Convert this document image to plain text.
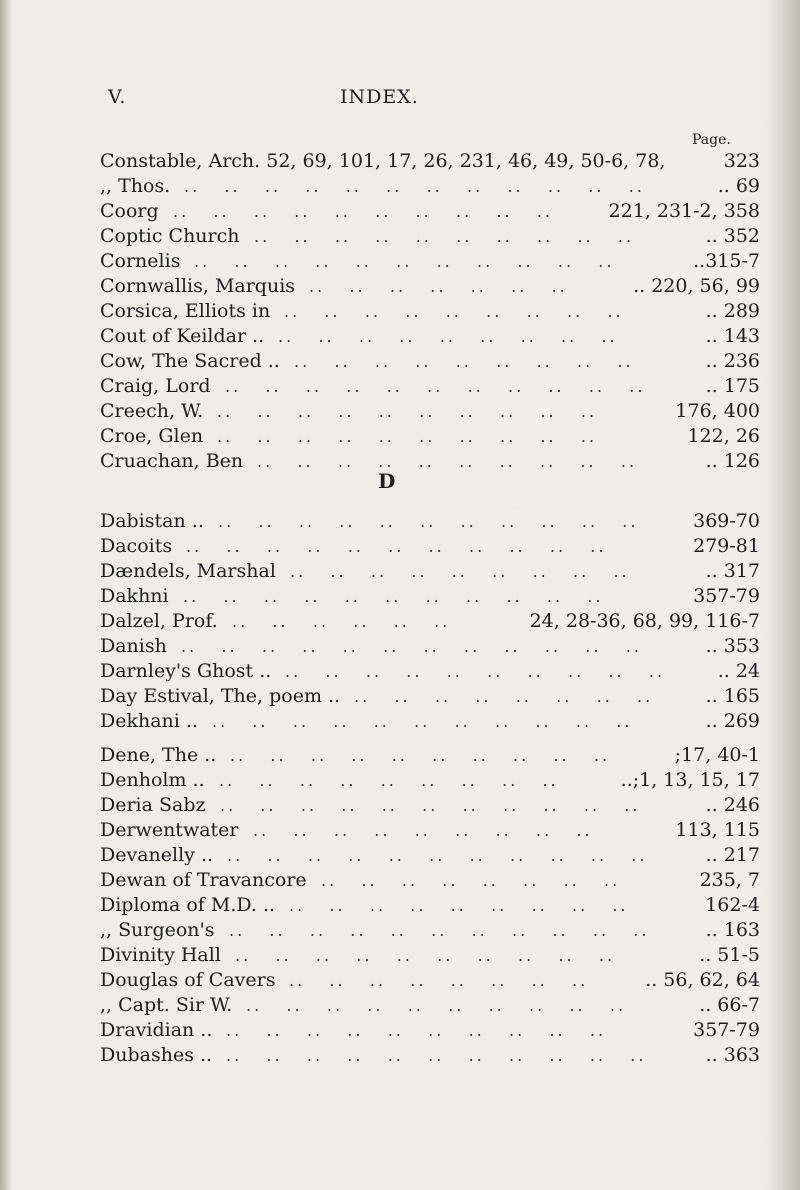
V.	INDEX.
Page.
Constable, Arch. 52, 69, 101, 17, 26, 231, 46, 49, 50-6, 78,	323
,, Thos.	.. 69
..   ..   ..   ..   ..   ..   ..   ..   ..   ..   ..   ..
Coorg	221, 231-2, 358
..   ..   ..   ..   ..   ..   ..   ..   ..   ..
Coptic Church	.. 352
..   ..   ..   ..   ..   ..   ..   ..   ..   ..
Cornelis	..315-7
..   ..   ..   ..   ..   ..   ..   ..   ..   ..   ..
Cornwallis, Marquis	.. 220, 56, 99
..   ..   ..   ..   ..   ..   ..
Corsica, Elliots in	.. 289
..   ..   ..   ..   ..   ..   ..   ..   ..
Cout of Keildar ..	.. 143
..   ..   ..   ..   ..   ..   ..   ..   ..
Cow, The Sacred ..	.. 236
..   ..   ..   ..   ..   ..   ..   ..   ..
Craig, Lord	.. 175
..   ..   ..   ..   ..   ..   ..   ..   ..   ..   ..
Creech, W.	176, 400
..   ..   ..   ..   ..   ..   ..   ..   ..   ..
Croe, Glen	122, 26
..   ..   ..   ..   ..   ..   ..   ..   ..   ..
Cruachan, Ben	.. 126
..   ..   ..   ..   ..   ..   ..   ..   ..   ..
D
Dabistan ..	369-70
..   ..   ..   ..   ..   ..   ..   ..   ..   ..   ..
Dacoits	279-81
..   ..   ..   ..   ..   ..   ..   ..   ..   ..   ..
Dændels, Marshal	.. 317
..   ..   ..   ..   ..   ..   ..   ..   ..
Dakhni	357-79
..   ..   ..   ..   ..   ..   ..   ..   ..   ..   ..
Dalzel, Prof.	24, 28-36, 68, 99, 116-7
..   ..   ..   ..   ..   ..
Danish	.. 353
..   ..   ..   ..   ..   ..   ..   ..   ..   ..   ..   ..
Darnley's Ghost ..	.. 24
..   ..   ..   ..   ..   ..   ..   ..   ..   ..
Day Estival, The, poem ..	.. 165
..   ..   ..   ..   ..   ..   ..   ..
Dekhani ..	.. 269
..   ..   ..   ..   ..   ..   ..   ..   ..   ..   ..
Dene, The ..	;17, 40-1
..   ..   ..   ..   ..   ..   ..   ..   ..   ..
Denholm ..	..;1, 13, 15, 17
..   ..   ..   ..   ..   ..   ..   ..   ..
Deria Sabz	.. 246
..   ..   ..   ..   ..   ..   ..   ..   ..   ..   ..
Derwentwater	113, 115
..   ..   ..   ..   ..   ..   ..   ..   ..
Devanelly ..	.. 217
..   ..   ..   ..   ..   ..   ..   ..   ..   ..   ..
Dewan of Travancore	235, 7
..   ..   ..   ..   ..   ..   ..   ..
Diploma of M.D. ..	162-4
..   ..   ..   ..   ..   ..   ..   ..   ..
,, Surgeon's	.. 163
..   ..   ..   ..   ..   ..   ..   ..   ..   ..   ..
Divinity Hall	.. 51-5
..   ..   ..   ..   ..   ..   ..   ..   ..   ..
Douglas of Cavers	.. 56, 62, 64
..   ..   ..   ..   ..   ..   ..   ..
,, Capt. Sir W.	.. 66-7
..   ..   ..   ..   ..   ..   ..   ..   ..   ..
Dravidian ..	357-79
..   ..   ..   ..   ..   ..   ..   ..   ..   ..
Dubashes ..	.. 363
..   ..   ..   ..   ..   ..   ..   ..   ..   ..   ..
